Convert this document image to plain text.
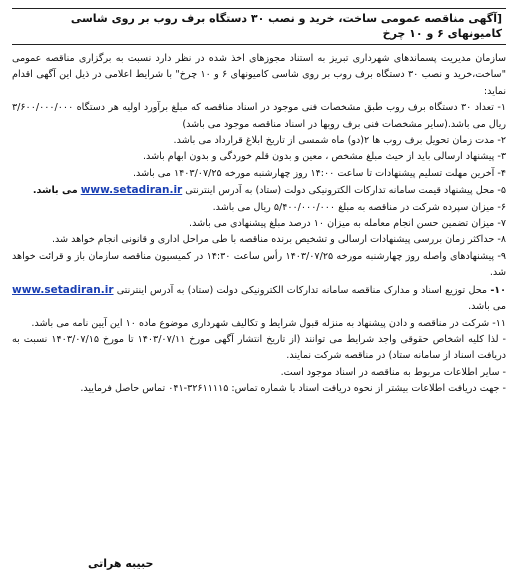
[آگهی مناقصه عمومی ساخت، خرید و نصب ۳۰ دستگاه برف روب بر روی شاسی کامیونهای ۶ و ۱۰ چرخ

سازمان مدیریت پسماندهای شهرداری تبریز به استناد مجوزهای اخذ شده در نظر دارد نسبت به برگزاری مناقصه عمومی "ساخت،خرید و نصب ۳۰ دستگاه برف روب بر روی شاسی کامیونهای ۶ و ۱۰ چرخ" با شرایط اعلامی در ذیل این آگهی اقدام نماید:

۱- تعداد ۳۰ دستگاه برف روب طبق مشخصات فنی موجود در اسناد مناقصه که مبلغ برآورد اولیه هر دستگاه ۳/۶۰۰/۰۰۰/۰۰۰ ریال می باشد.(سایر مشخصات فنی برف روبها در اسناد مناقصه موجود می باشد)

۲- مدت زمان تحویل برف روب ها ۲(دو) ماه شمسی از تاریخ ابلاغ قرارداد می باشد.

۳- پیشنهاد ارسالی باید از حیث مبلغ مشخص ، معین و بدون قلم خوردگی و بدون ابهام باشد.

۴- آخرین مهلت تسلیم پیشنهادات تا ساعت ۱۴:۰۰ روز چهارشنبه مورخه ۱۴۰۳/۰۷/۲۵ می باشد.

۵- محل پیشنهاد قیمت سامانه تدارکات الکترونیکی دولت (ستاد) به آدرس اینترنتی www.setadiran.ir می باشد.

۶- میزان سپرده شرکت در مناقصه به مبلغ ۵/۴۰۰/۰۰۰/۰۰۰ ریال می باشد.

۷- میزان تضمین حسن انجام معامله به میزان ۱۰ درصد مبلغ پیشنهادی می باشد.

۸- حداکثر زمان بررسی پیشنهادات ارسالی و تشخیص برنده مناقصه با طی مراحل اداری و قانونی انجام خواهد شد.

۹- پیشنهادهای واصله روز چهارشنبه مورخه ۱۴۰۳/۰۷/۲۵ رأس ساعت ۱۴:۳۰ در کمیسیون مناقصه سازمان باز و قرائت خواهد شد.

۱۰- محل توزیع اسناد و مدارک مناقصه سامانه تدارکات الکترونیکی دولت (ستاد) به آدرس اینترنتی www.setadiran.ir می باشد.

۱۱- شرکت در مناقصه و دادن پیشنهاد به منزله قبول شرایط و تکالیف شهرداری موضوع ماده ۱۰ این آیین نامه می باشد.

- لذا کلیه اشخاص حقوقی واجد شرایط می توانند (از تاریخ انتشار آگهی مورخ ۱۴۰۳/۰۷/۱۱ تا مورخ ۱۴۰۳/۰۷/۱۵ نسبت به دریافت اسناد از سامانه ستاد) در مناقصه شرکت نمایند.

- سایر اطلاعات مربوط به مناقصه در اسناد موجود است.

- جهت دریافت اطلاعات بیشتر از نحوه دریافت اسناد با شماره تماس: ۳۲۶۱۱۱۱۵-۰۴۱ تماس حاصل فرمایید.

حبیبه هراتی
